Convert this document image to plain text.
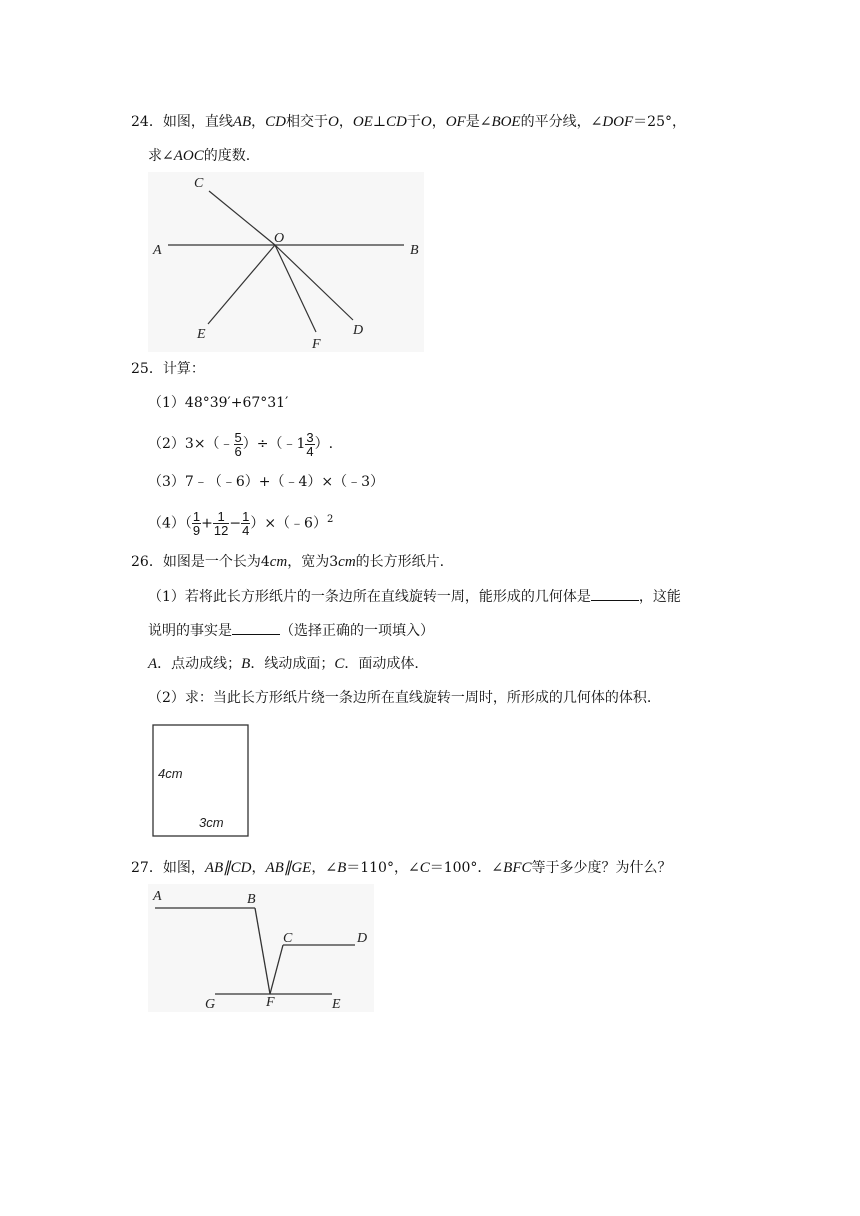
24．如图，直线AB，CD相交于O，OE⊥CD于O，OF是∠BOE的平分线，∠DOF＝25°，
求∠AOC的度数.
C
O
A	B
E
F
D
25．计算：
（1）48°39′+67°31′
（2）3×（﹣ $\frac{5}{6}$ ）÷（﹣1 $\frac{3}{4}$ ）.
（3）7﹣（﹣6）+（﹣4）×（﹣3）
$(4)( \frac{1}{9} + \frac{1}{12} - \frac{1}{4}$ ）×（﹣6）$^2$
26．如图是一个长为4cm，宽为3cm的长方形纸片.
（1）若将此长方形纸片的一条边所在直线旋转一周，能形成的几何体是	，这能
说明的事实是	（选择正确的一项填入）
A．点动成线；B．线动成面；C．面动成体.
（2）求：当此长方形纸片绕一条边所在直线旋转一周时，所形成的几何体的体积.
4cm
3cm
27．如图，AB∥CD，AB∥GE，∠B＝110°，∠C＝100°．∠BFC等于多少度？为什么？
A	B
C	D
G	F	E
